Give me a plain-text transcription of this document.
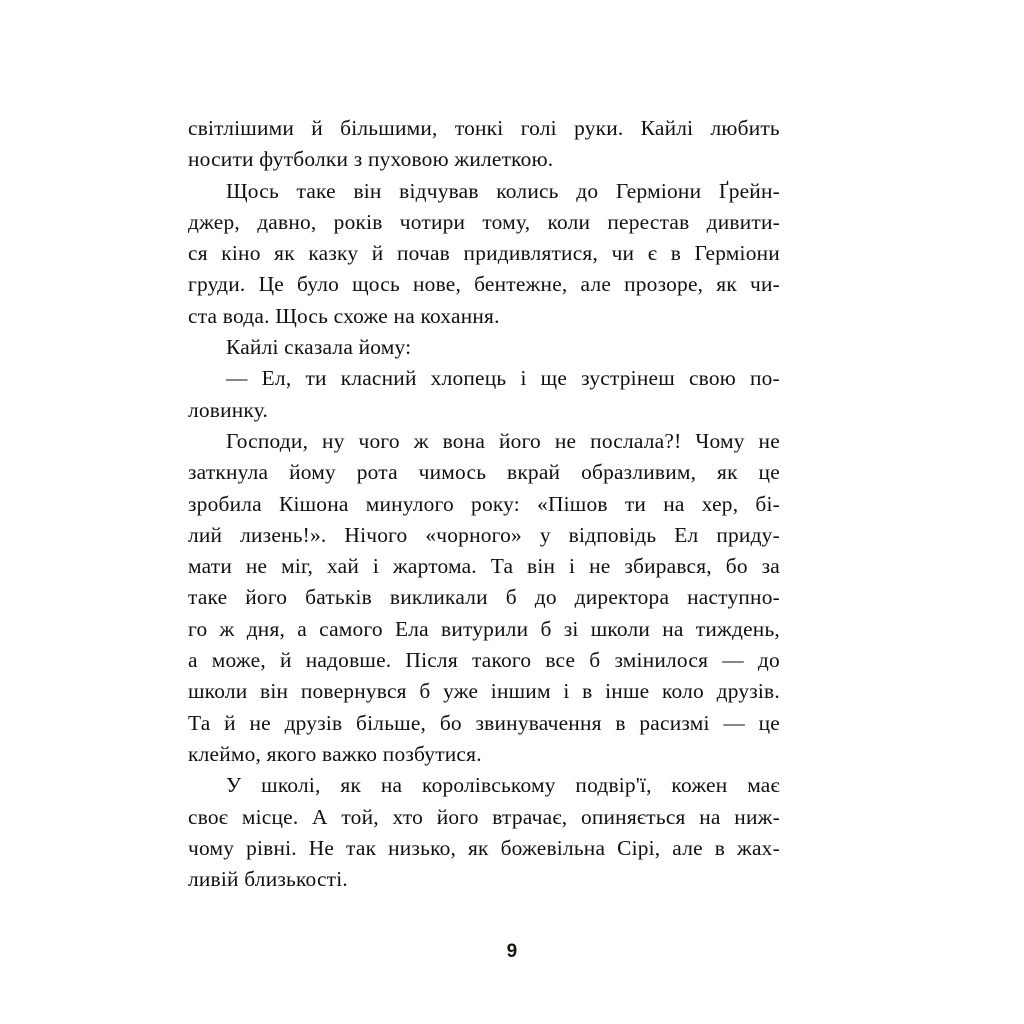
світлішими й більшими, тонкі голі руки. Кайлі любить
носити футболки з пуховою жилеткою.

Щось таке він відчував колись до Герміони Ґрейн-
джер, давно, років чотири тому, коли перестав дивити-
ся кіно як казку й почав придивлятися, чи є в Герміони
груди. Це було щось нове, бентежне, але прозоре, як чи-
ста вода. Щось схоже на кохання.

Кайлі сказала йому:

— Ел, ти класний хлопець і ще зустрінеш свою по-
ловинку.

Господи, ну чого ж вона його не послала?! Чому не
заткнула йому рота чимось вкрай образливим, як це
зробила Кішона минулого року: «Пішов ти на хер, бі-
лий лизень!». Нічого «чорного» у відповідь Ел приду-
мати не міг, хай і жартома. Та він і не збирався, бо за
таке його батьків викликали б до директора наступно-
го ж дня, а самого Ела витурили б зі школи на тиждень,
а може, й надовше. Після такого все б змінилося — до
школи він повернувся б уже іншим і в інше коло друзів.
Та й не друзів більше, бо звинувачення в расизмі — це
клеймо, якого важко позбутися.

У школі, як на королівському подвір'ї, кожен має
своє місце. А той, хто його втрачає, опиняється на ниж-
чому рівні. Не так низько, як божевільна Сірі, але в жах-
ливій близькості.

9
